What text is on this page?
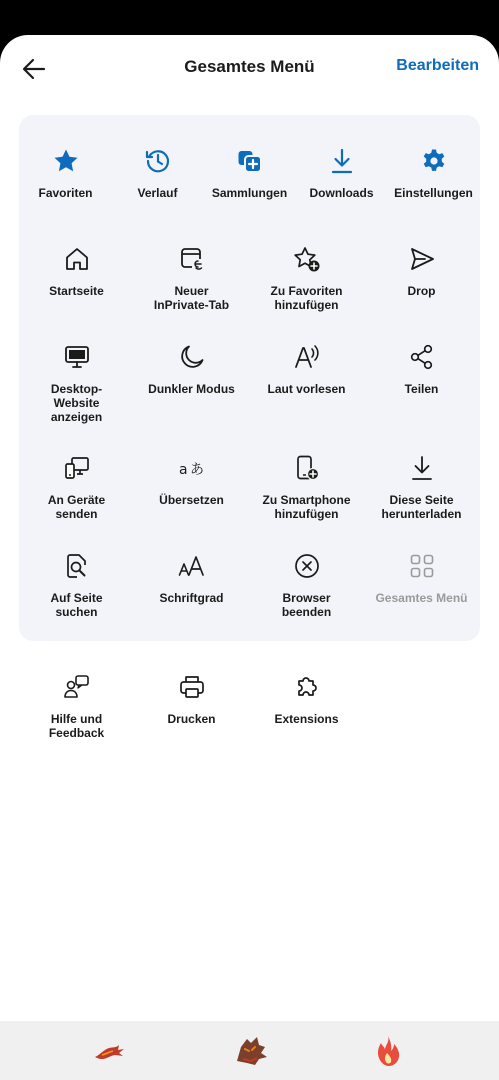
Gesamtes Menü	Bearbeiten
Favoriten	Verlauf	Sammlungen	Downloads	Einstellungen
Startseite	Neuer
InPrivate-Tab
Zu Favoriten
hinzufügen
Drop
Desktop-
Website
anzeigen
Dunkler Modus	Laut vorlesen	Teilen
An Geräte
senden
a あ
Übersetzen	Zu Smartphone
hinzufügen
Diese Seite
herunterladen
Auf Seite
suchen
Schriftgrad	Browser
beenden
Gesamtes Menü
Hilfe und
Feedback
Drucken	Extensions
